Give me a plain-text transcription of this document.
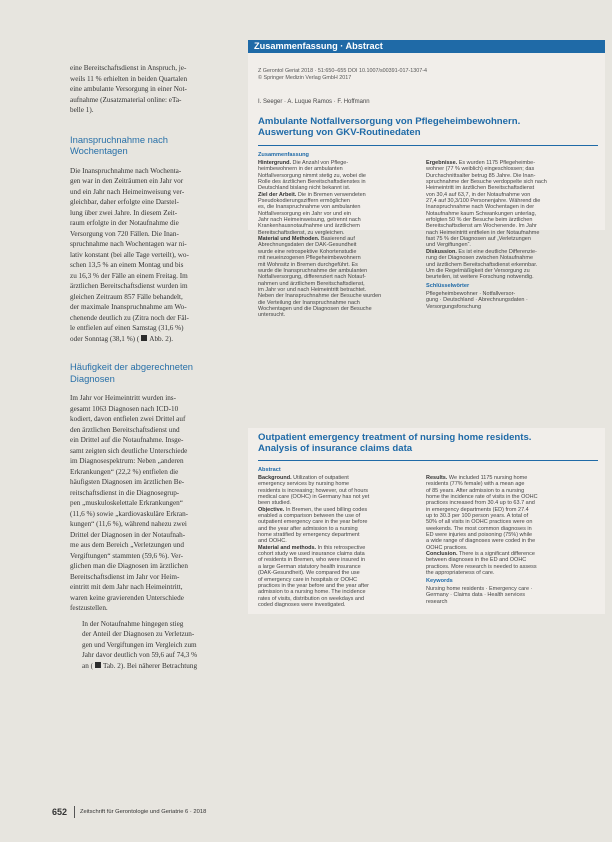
eine Bereitschaftsdienst in Anspruch, je-
weils 11 % erhielten in beiden Quartalen
eine ambulante Versorgung in einer Not-
aufnahme (Zusatzmaterial online: eTa-
belle 1).
Inanspruchnahme nach
Wochentagen
Die Inanspruchnahme nach Wochenta-
gen war in den Zeiträumen ein Jahr vor
und ein Jahr nach Heimeinweisung ver-
gleichbar, daher erfolgte eine Darstel-
lung über zwei Jahre. In diesem Zeit-
raum erfolgte in der Notaufnahme die
Versorgung von 720 Fällen. Die Inan-
spruchnahme nach Wochentagen war ni-
lativ konstant (bei alle Tage verteilt), wo-
schen 13,5 % an einem Montag und bis
zu 16,3 % der Fälle an einem Freitag. Im
ärztlichen Bereitschaftsdienst wurden im
gleichen Zeitraum 857 Fälle behandelt,
der maximale Inanspruchnahme am Wo-
chenende deutlich zu (Zitra noch der Fäl-
le entfielen auf einen Samstag (31,6 %)
oder Sonntag (38,1 %) ( Abb. 2).
Häufigkeit der abgerechneten
Diagnosen
Im Jahr vor Heimeintritt wurden ins-
gesamt 1063 Diagnosen nach ICD-10
kodiert, davon entfielen zwei Drittel auf
den ärztlichen Bereitschaftsdienst und
ein Drittel auf die Notaufnahme. Insge-
samt zeigten sich deutliche Unterschiede
im Diagnosespektrum: Neben „anderen
Erkrankungen“ (22,2 %) entfielen die
häufigsten Diagnosen im ärztlichen Be-
reitschaftsdienst in die Diagnosegrup-
pen „muskuloskelettale Erkrankungen“
(11,6 %) sowie „kardiovaskuläre Erkran-
kungen“ (11,6 %), während nahezu zwei
Drittel der Diagnosen in der Notaufnah-
me aus dem Bereich „Verletzungen und
Vergiftungen“ stammten (59,6 %). Ver-
glichen man die Diagnosen im ärztlichen
Bereitschaftsdienst im Jahr vor Heim-
eintritt mit dem Jahr nach Heimeintritt,
waren keine gravierenden Unterschiede
festzustellen.
In der Notaufnahme hingegen stieg
der Anteil der Diagnosen zu Verletzun-
gen und Vergiftungen im Vergleich zum
Jahr davor deutlich von 59,6 auf 74,3 %
an ( Tab. 2). Bei näherer Betrachtung
652 Zeitschrift für Gerontologie und Geriatrie 6 · 2018
Zusammenfassung · Abstract
Z Gerontol Geriat 2018 · 51:650–655 DOI 10.1007/s00391-017-1307-4
© Springer Medizin Verlag GmbH 2017
I. Seeger · A. Luque Ramos · F. Hoffmann
Ambulante Notfallversorgung von Pflegeheimbewohnern.
Auswertung von GKV-Routinedaten
Zusammenfassung
Hintergrund. Die Anzahl von Pflege-
heimbewohnern in der ambulanten
Notfallversorgung nimmt stetig zu, wobei die
Rolle des ärztlichen Bereitschaftsdienstes in
Deutschland bislang nicht bekannt ist.
Ziel der Arbeit. Die in Bremen verwendeten
Pseudokodierungsziffern ermöglichen
es, die Inanspruchnahme von ambulanten
Notfallversorgung ein Jahr vor und ein
Jahr nach Heimeinweisung, getrennt nach
Krankenhausnotaufnahme und ärztlichem
Bereitschaftsdienst, zu vergleichen.
Material und Methoden. Basierend auf
Abrechnungsdaten der DAK-Gesundheit
wurde eine retrospektive Kohortenstudie
mit neueinzogenen Pflegeheimbewohnern
mit Wohnsitz in Bremen durchgeführt. Es
wurde die Inanspruchnahme der ambulanten
Notfallversorgung, differenziert nach Notauf-
nahmen und ärztlichem Bereitschaftsdienst,
im Jahr vor und nach Heimeintritt betrachtet.
Neben der Inanspruchnahme der Besuche wurden
die Verteilung der Inanspruchnahme nach
Wochentagen und die Diagnosen der Besuche
untersucht.
Ergebnisse. Es wurden 1175 Pflegeheimbe-
wohner (77 % weiblich) eingeschlossen; das
Durchschnittsalter betrug 85 Jahre. Die Inan-
spruchnahme der Besuche verdoppelte sich nach
Heimeintritt im ärztlichen Bereitschaftsdienst
von 30,4 auf 63,7, in der Notaufnahme von
27,4 auf 30,3/100 Personenjahre. Während die
Inanspruchnahme nach Wochentagen in der
Notaufnahme kaum Schwankungen unterlag,
erfolgten 50 % der Besuche beim ärztlichen
Bereitschaftsdienst am Wochenende. Im Jahr
nach Heimeintritt entfielen in der Notaufnahme
fast 75 % der Diagnosen auf „Verletzungen
und Vergiftungen“.
Diskussion. Es ist eine deutliche Differenzie-
rung der Diagnosen zwischen Notaufnahme
und ärztlichem Bereitschaftsdienst erkennbar.
Um die Regelmäßigkeit der Versorgung zu
beurteilen, ist weitere Forschung notwendig.
Schlüsselwörter
Pflegeheimbewohner · Notfallversor-
gung · Deutschland · Abrechnungsdaten ·
Versorgungsforschung
Outpatient emergency treatment of nursing home residents.
Analysis of insurance claims data
Abstract
Background. Utilization of outpatient
emergency services by nursing home
residents is increasing; however, out of hours
medical care (OOHC) in Germany has not yet
been studied.
Objective. In Bremen, the used billing codes
enabled a comparison between the use of
outpatient emergency care in the year before
and the year after admission to a nursing
home stratified by emergency department
and OOHC.
Material and methods. In this retrospective
cohort study we used insurance claims data
of residents in Bremen, who were insured in
a large German statutory health insurance
(DAK-Gesundheit). We compared the use
of emergency care in hospitals or OOHC
practices in the year before and the year after
admission to a nursing home. The incidence
rates of visits, distribution on weekdays and
coded diagnoses were investigated.
Results. We included 1175 nursing home
residents (77% female) with a mean age
of 85 years. After admission to a nursing
home the incidence rate of visits in the OOHC
practices increased from 30.4 up to 63.7 and
in emergency departments (ED) from 27.4
up to 30.3 per 100 person years. A total of
50% of all visits in OOHC practices were on
weekends. The most common diagnoses in
ED were injuries and poisoning (75%) while
a wide range of diagnoses were coded in the
OOHC practices.
Conclusion. There is a significant difference
between diagnoses in the ED and OOHC
practices. More research is needed to assess
the appropriateness of care.
Keywords
Nursing home residents · Emergency care ·
Germany · Claims data · Health services
research
